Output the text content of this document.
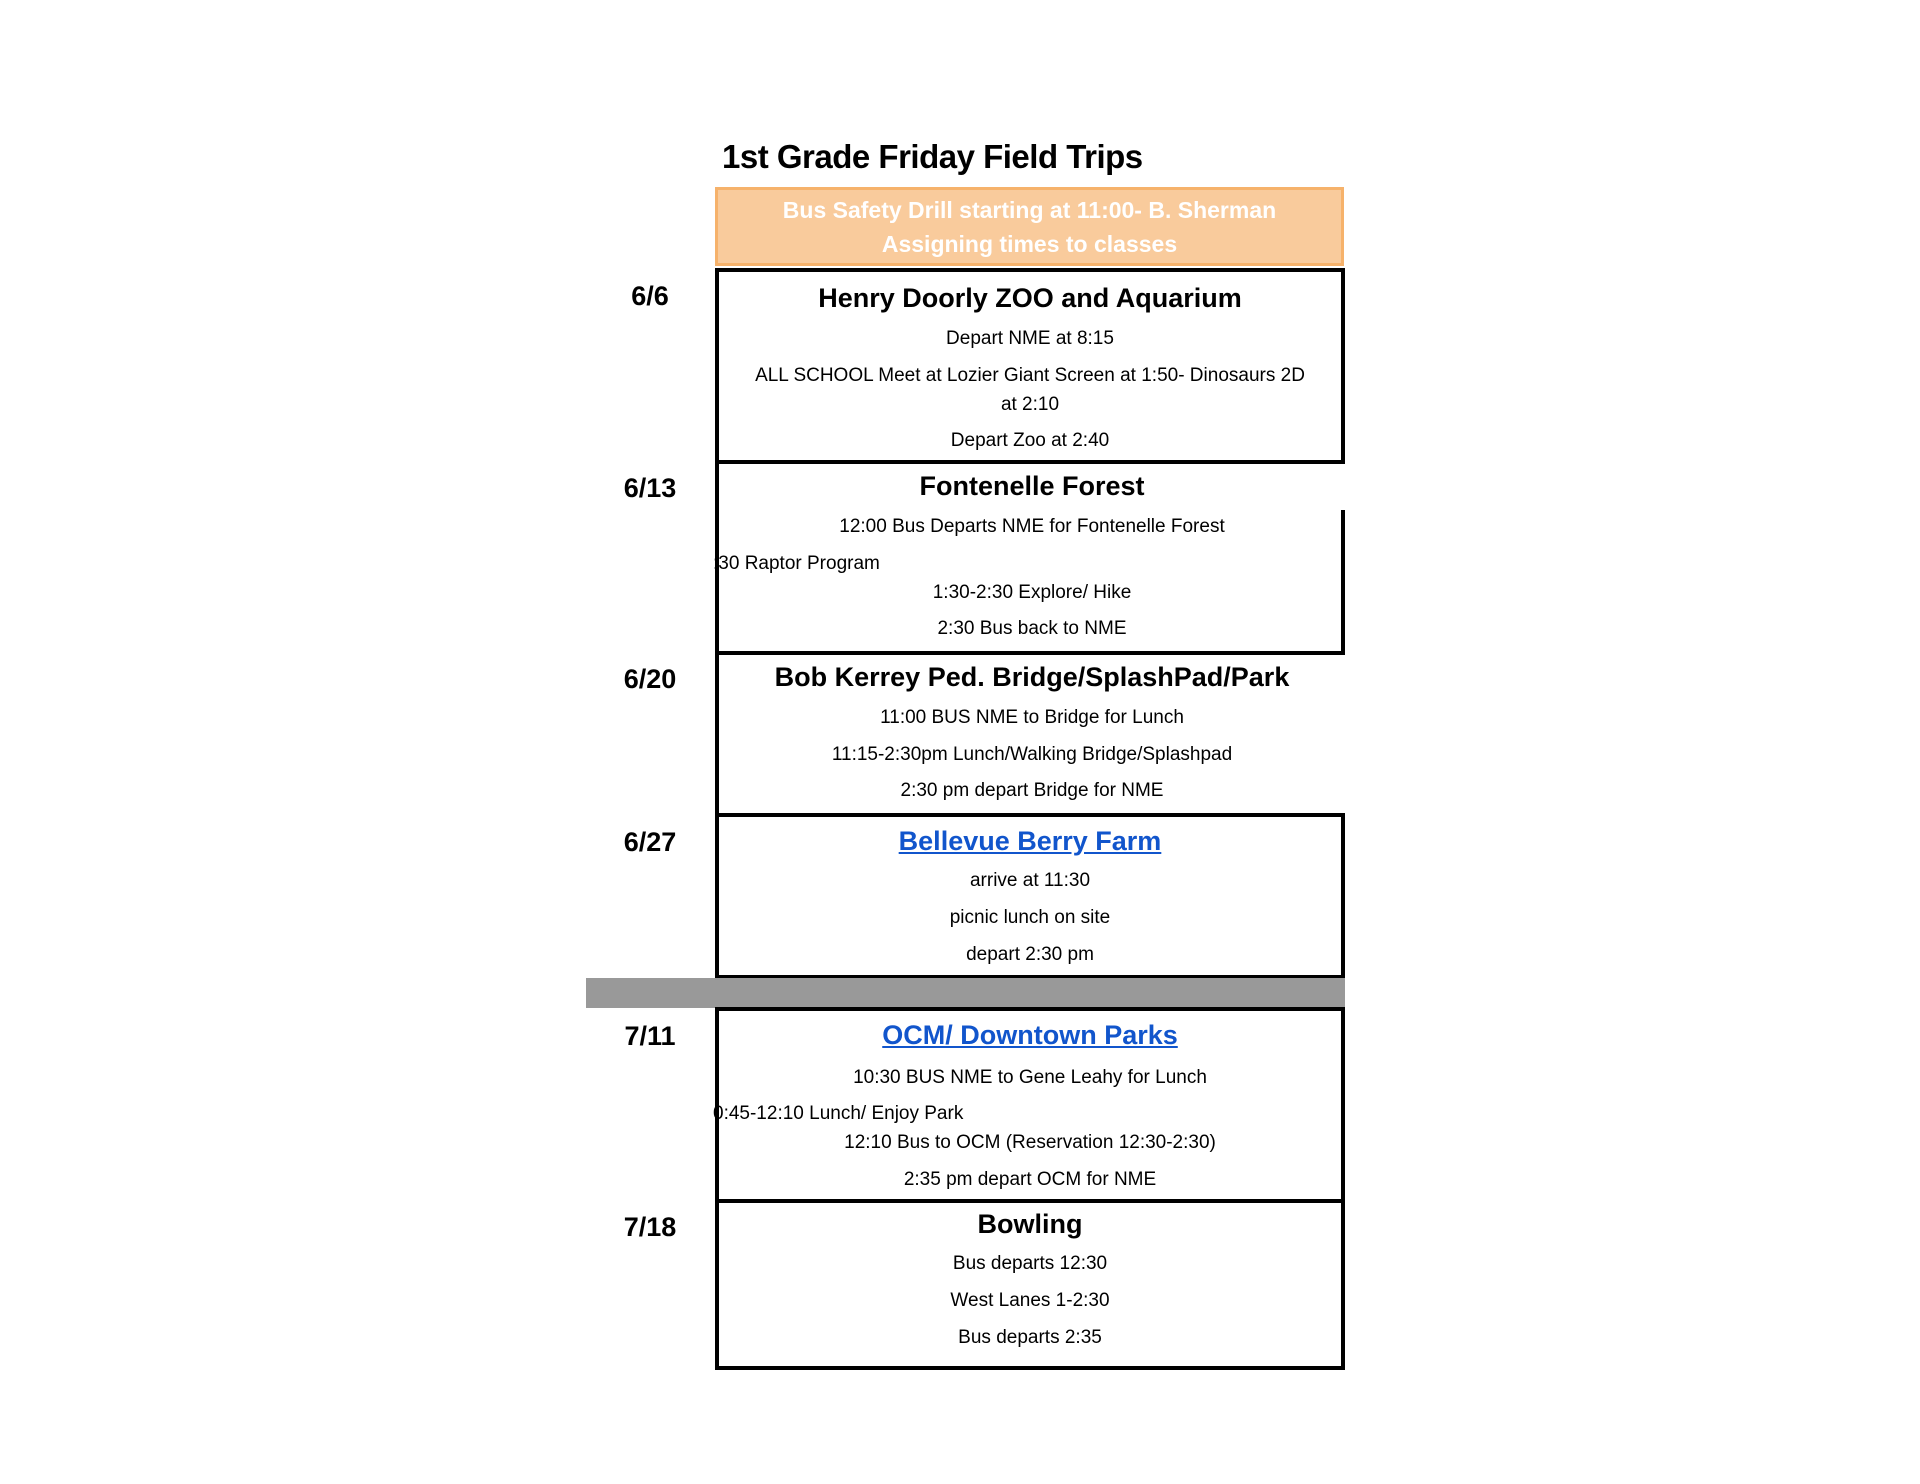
1st Grade Friday Field Trips
Bus Safety Drill starting at 11:00- B. Sherman
Assigning times to classes
6/6	Henry Doorly ZOO and Aquarium
Depart NME at 8:15
ALL SCHOOL Meet at Lozier Giant Screen at 1:50- Dinosaurs 2D
at 2:10
Depart Zoo at 2:40
6/13	Fontenelle Forest
12:00 Bus Departs NME for Fontenelle Forest
:30 Raptor Program
1:30-2:30 Explore/ Hike
2:30 Bus back to NME
6/20	Bob Kerrey Ped. Bridge/SplashPad/Park
11:00 BUS NME to Bridge for Lunch
11:15-2:30pm Lunch/Walking Bridge/Splashpad
2:30 pm depart Bridge for NME
6/27	Bellevue Berry Farm
arrive at 11:30
picnic lunch on site
depart 2:30 pm
7/11	OCM/ Downtown Parks
10:30 BUS NME to Gene Leahy for Lunch
0:45-12:10 Lunch/ Enjoy Park
12:10 Bus to OCM (Reservation 12:30-2:30)
2:35 pm depart OCM for NME
7/18	Bowling
Bus departs 12:30
West Lanes 1-2:30
Bus departs 2:35
